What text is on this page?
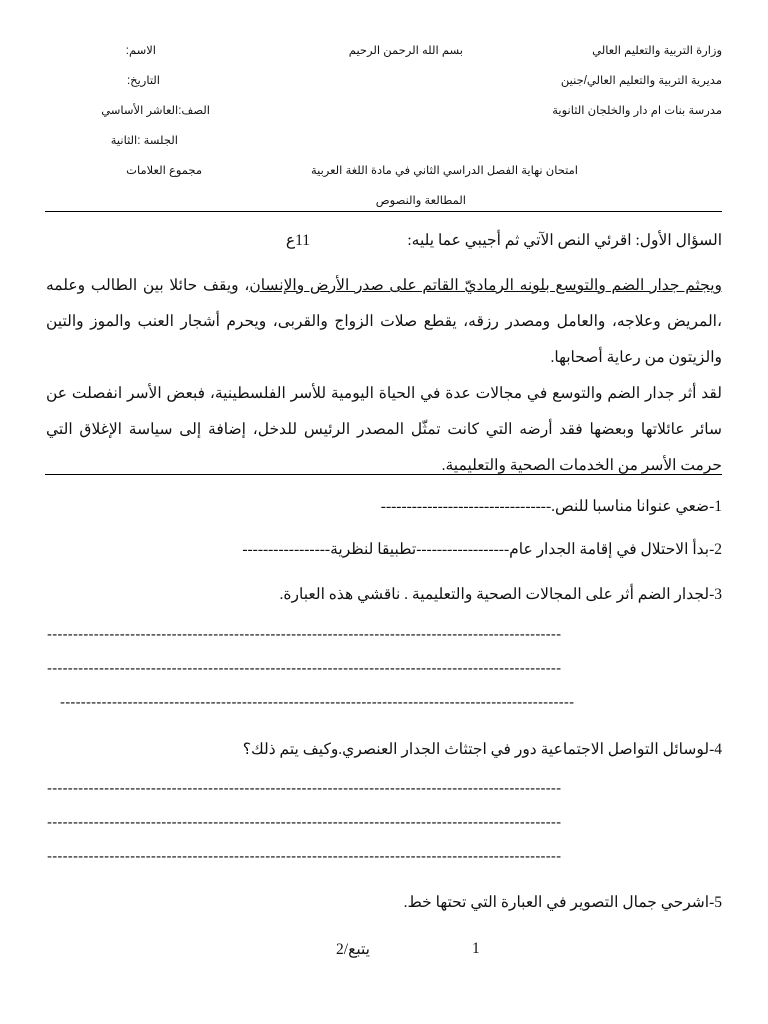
وزارة التربية والتعليم العالي
مديرية التربية والتعليم العالي/جنين
مدرسة بنات ام دار والخلجان الثانوية
بسم الله الرحمن الرحيم
امتحان نهاية الفصل الدراسي الثاني في مادة اللغة العربية
المطالعة والنصوص
الاسم:
التاريخ:
الصف:العاشر الأساسي
الجلسة :الثانية
مجموع العلامات
السؤال الأول: اقرئي النص الآتي ثم أجيبي عما يليه:
11ع
ويجثم جدار الضم والتوسع بلونه الرماديّ القاتم على صدر الأرض والإنسان، ويقف حائلا بين الطالب وعلمه ،المريض وعلاجه، والعامل ومصدر رزقه، يقطع صلات الزواج والقربى، ويحرم أشجار العنب والموز والتين والزيتون من رعاية أصحابها.
لقد أثر جدار الضم والتوسع في مجالات عدة في الحياة اليومية للأسر الفلسطينية، فبعض الأسر انفصلت عن سائر عائلاتها وبعضها فقد أرضه التي كانت تمثّل المصدر الرئيس للدخل، إضافة إلى سياسة الإغلاق التي حرمت الأسر من الخدمات الصحية والتعليمية.
1-ضعي عنوانا مناسبا للنص.---------------------------------
2-بدأ الاحتلال في إقامة الجدار عام------------------تطبيقا لنظرية-----------------
3-لجدار الضم أثر على المجالات الصحية والتعليمية . ناقشي هذه العبارة.
---------------------------------------------------------------------------------------------------
---------------------------------------------------------------------------------------------------
---------------------------------------------------------------------------------------------------
4-لوسائل التواصل الاجتماعية دور في اجتثاث الجدار العنصري.وكيف يتم ذلك؟
---------------------------------------------------------------------------------------------------
---------------------------------------------------------------------------------------------------
---------------------------------------------------------------------------------------------------
5-اشرحي جمال التصوير في العبارة التي تحتها خط.
1
يتبع/2
